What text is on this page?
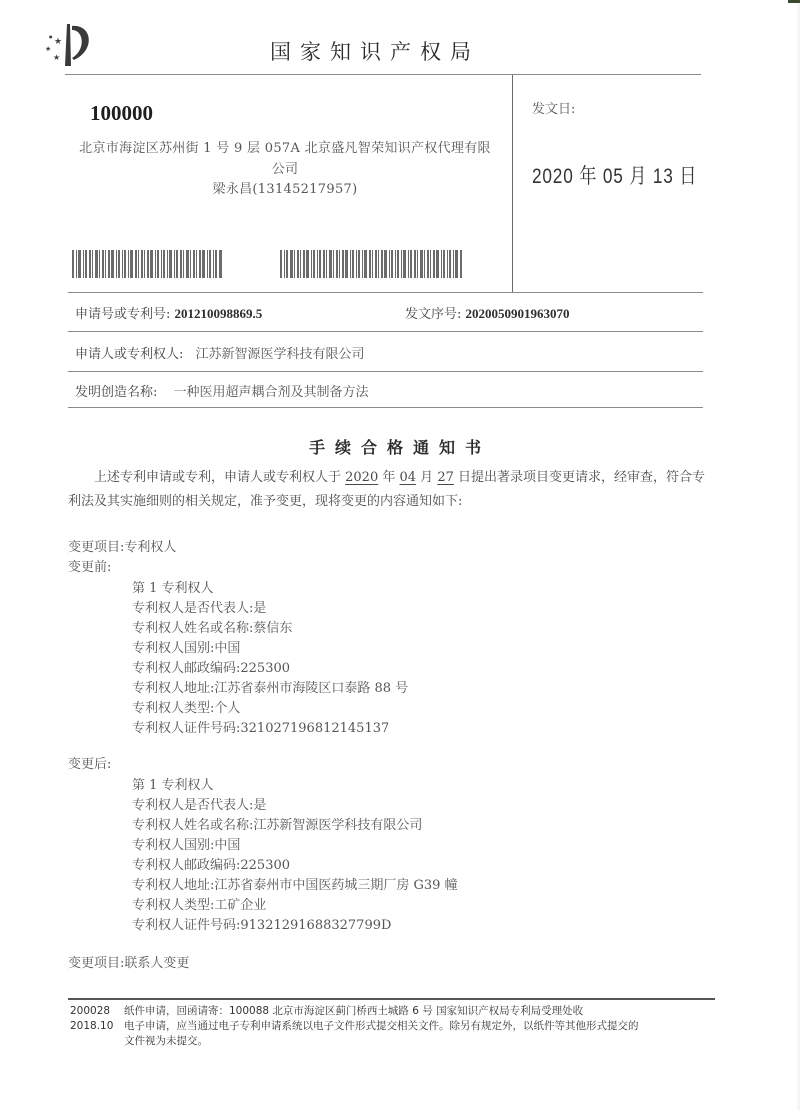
★
★
★
●
国家知识产权局
100000
北京市海淀区苏州街 1 号 9 层 057A 北京盛凡智荣知识产权代理有限
公司
梁永昌(13145217957)
发文日:
2020 年 05 月 13 日
申请号或专利号: 201210098869.5	发文序号: 2020050901963070
申请人或专利权人: 江苏新智源医学科技有限公司
发明创造名称: 一种医用超声耦合剂及其制备方法
手续合格通知书
上述专利申请或专利，申请人或专利权人于 2020 年 04 月 27 日提出著录项目变更请求，经审查，符合专
利法及其实施细则的相关规定，准予变更，现将变更的内容通知如下:
变更项目:专利权人
变更前:
第 1 专利权人
专利权人是否代表人:是
专利权人姓名或名称:蔡信东
专利权人国别:中国
专利权人邮政编码:225300
专利权人地址:江苏省泰州市海陵区口泰路 88 号
专利权人类型:个人
专利权人证件号码:321027196812145137
变更后:
第 1 专利权人
专利权人是否代表人:是
专利权人姓名或名称:江苏新智源医学科技有限公司
专利权人国别:中国
专利权人邮政编码:225300
专利权人地址:江苏省泰州市中国医药城三期厂房 G39 幢
专利权人类型:工矿企业
专利权人证件号码:91321291688327799D
变更项目:联系人变更
200028
2018.10
纸件申请，回函请寄：100088 北京市海淀区蓟门桥西土城路 6 号 国家知识产权局专利局受理处收
电子申请，应当通过电子专利申请系统以电子文件形式提交相关文件。除另有规定外，以纸件等其他形式提交的
文件视为未提交。
